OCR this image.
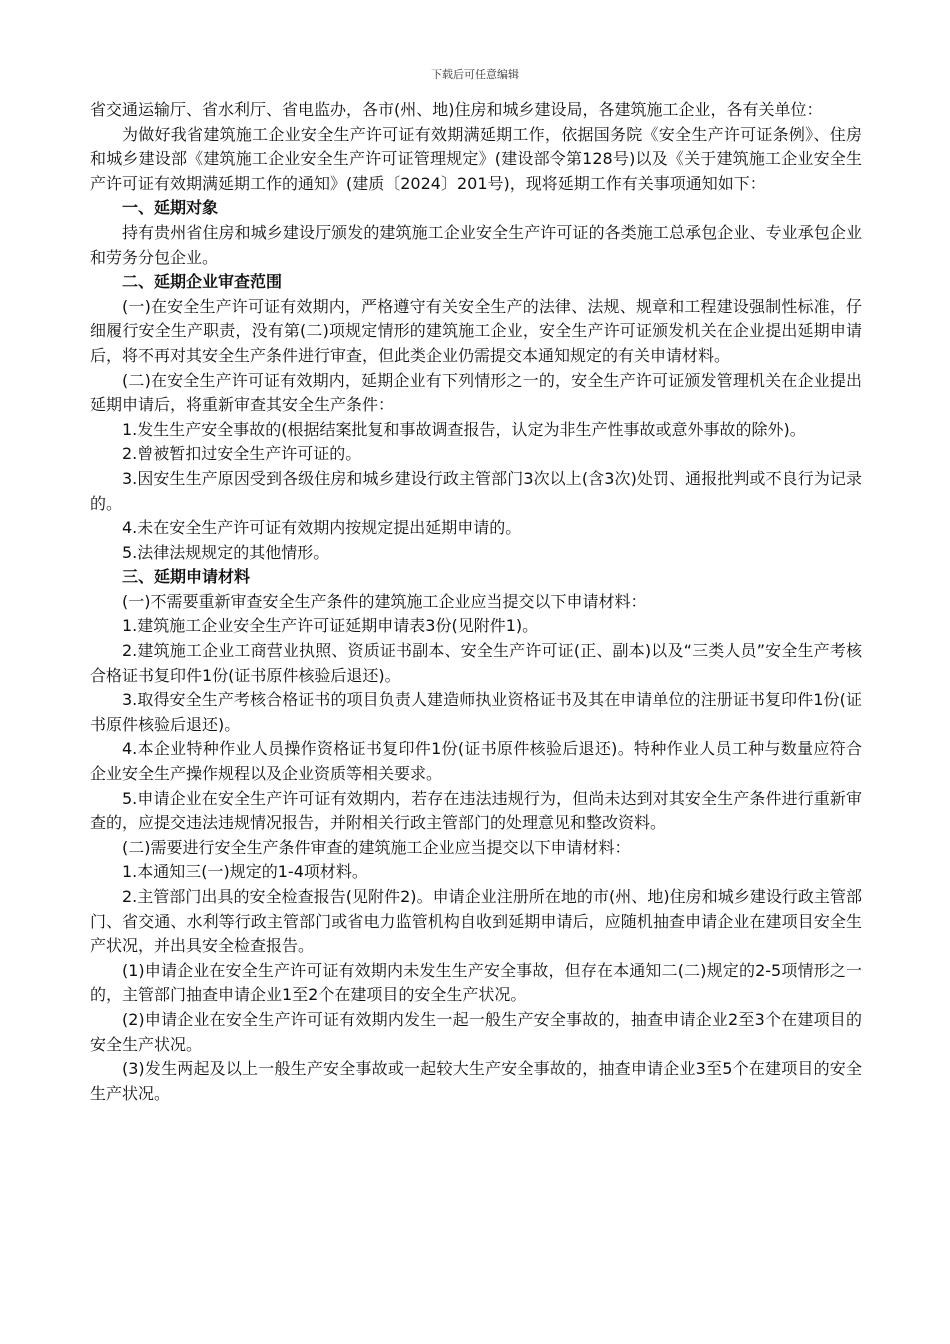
下载后可任意编辑

省交通运输厅、省水利厅、省电监办，各市(州、地)住房和城乡建设局，各建筑施工企业，各有关单位：

为做好我省建筑施工企业安全生产许可证有效期满延期工作，依据国务院《安全生产许可证条例》、住房和城乡建设部《建筑施工企业安全生产许可证管理规定》(建设部令第128号)以及《关于建筑施工企业安全生产许可证有效期满延期工作的通知》(建质〔2024〕201号)，现将延期工作有关事项通知如下：

一、延期对象

持有贵州省住房和城乡建设厅颁发的建筑施工企业安全生产许可证的各类施工总承包企业、专业承包企业和劳务分包企业。

二、延期企业审查范围

(一)在安全生产许可证有效期内，严格遵守有关安全生产的法律、法规、规章和工程建设强制性标准，仔细履行安全生产职责，没有第(二)项规定情形的建筑施工企业，安全生产许可证颁发机关在企业提出延期申请后，将不再对其安全生产条件进行审查，但此类企业仍需提交本通知规定的有关申请材料。

(二)在安全生产许可证有效期内，延期企业有下列情形之一的，安全生产许可证颁发管理机关在企业提出延期申请后，将重新审查其安全生产条件：

1.发生生产安全事故的(根据结案批复和事故调查报告，认定为非生产性事故或意外事故的除外)。

2.曾被暂扣过安全生产许可证的。

3.因安生生产原因受到各级住房和城乡建设行政主管部门3次以上(含3次)处罚、通报批判或不良行为记录的。

4.未在安全生产许可证有效期内按规定提出延期申请的。

5.法律法规规定的其他情形。

三、延期申请材料

(一)不需要重新审查安全生产条件的建筑施工企业应当提交以下申请材料：

1.建筑施工企业安全生产许可证延期申请表3份(见附件1)。

2.建筑施工企业工商营业执照、资质证书副本、安全生产许可证(正、副本)以及“三类人员”安全生产考核合格证书复印件1份(证书原件核验后退还)。

3.取得安全生产考核合格证书的项目负责人建造师执业资格证书及其在申请单位的注册证书复印件1份(证书原件核验后退还)。

4.本企业特种作业人员操作资格证书复印件1份(证书原件核验后退还)。特种作业人员工种与数量应符合企业安全生产操作规程以及企业资质等相关要求。

5.申请企业在安全生产许可证有效期内，若存在违法违规行为，但尚未达到对其安全生产条件进行重新审查的，应提交违法违规情况报告，并附相关行政主管部门的处理意见和整改资料。

(二)需要进行安全生产条件审查的建筑施工企业应当提交以下申请材料：

1.本通知三(一)规定的1-4项材料。

2.主管部门出具的安全检查报告(见附件2)。申请企业注册所在地的市(州、地)住房和城乡建设行政主管部门、省交通、水利等行政主管部门或省电力监管机构自收到延期申请后，应随机抽查申请企业在建项目安全生产状况，并出具安全检查报告。

(1)申请企业在安全生产许可证有效期内未发生生产安全事故，但存在本通知二(二)规定的2-5项情形之一的，主管部门抽查申请企业1至2个在建项目的安全生产状况。

(2)申请企业在安全生产许可证有效期内发生一起一般生产安全事故的，抽查申请企业2至3个在建项目的安全生产状况。

(3)发生两起及以上一般生产安全事故或一起较大生产安全事故的，抽查申请企业3至5个在建项目的安全生产状况。
